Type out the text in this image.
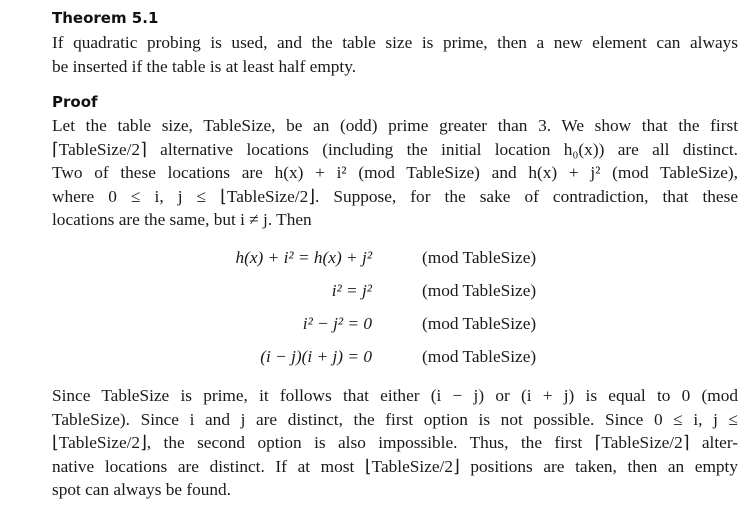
Theorem 5.1

If quadratic probing is used, and the table size is prime, then a new element can always
be inserted if the table is at least half empty.

Proof

Let the table size, TableSize, be an (odd) prime greater than 3. We show that the first
⌈TableSize/2⌉ alternative locations (including the initial location h₀(x)) are all distinct.
Two of these locations are h(x) + i² (mod TableSize) and h(x) + j² (mod TableSize),
where 0 ≤ i, j ≤ ⌊TableSize/2⌋. Suppose, for the sake of contradiction, that these
locations are the same, but i ≠ j. Then

h(x) + i² = h(x) + j²	(mod TableSize)
i² = j²	(mod TableSize)
i² − j² = 0	(mod TableSize)
(i − j)(i + j) = 0	(mod TableSize)

Since TableSize is prime, it follows that either (i − j) or (i + j) is equal to 0 (mod
TableSize). Since i and j are distinct, the first option is not possible. Since 0 ≤ i, j ≤
⌊TableSize/2⌋, the second option is also impossible. Thus, the first ⌈TableSize/2⌉ alter-
native locations are distinct. If at most ⌊TableSize/2⌋ positions are taken, then an empty
spot can always be found.
